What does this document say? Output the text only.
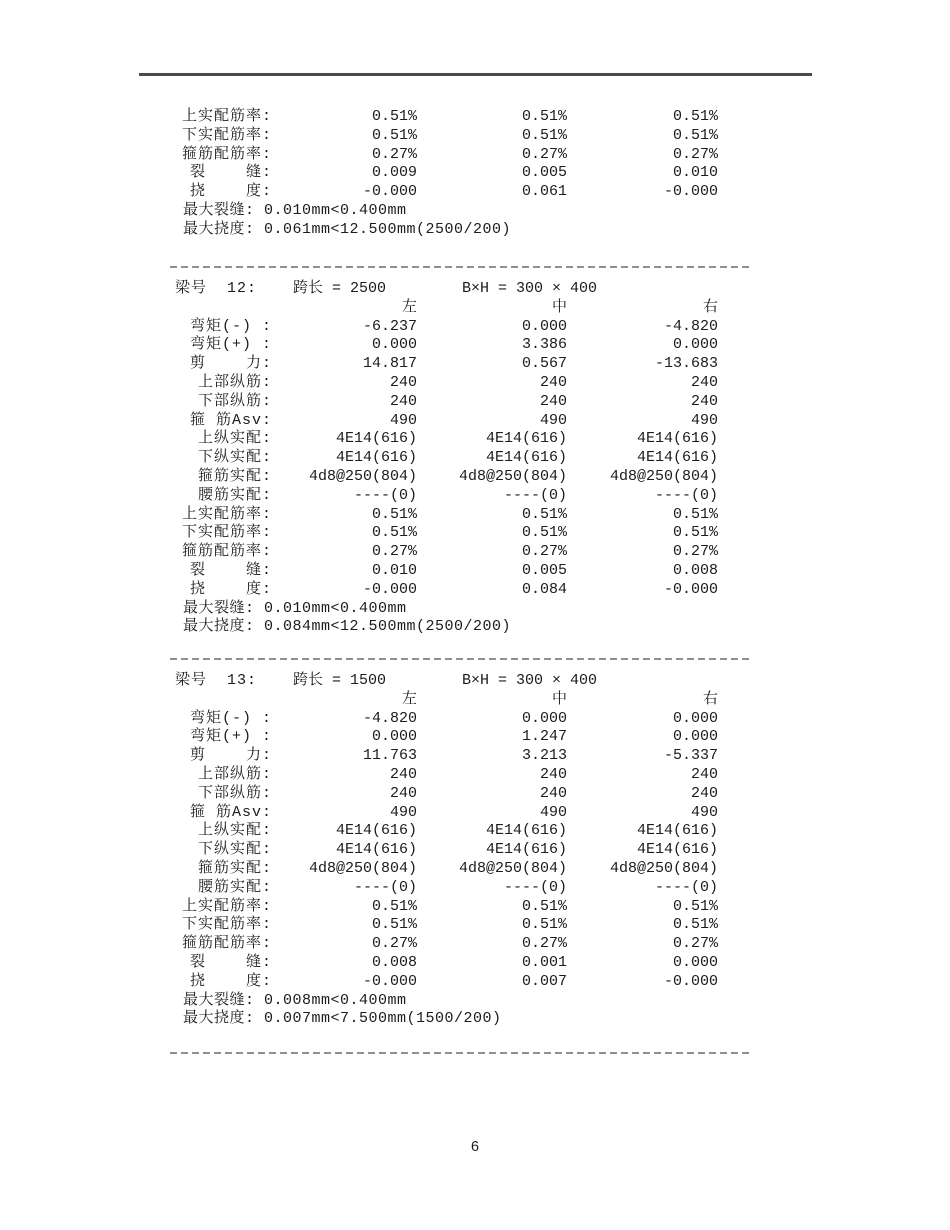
上实配筋率:	0.51%	0.51%	0.51%
下实配筋率:	0.51%	0.51%	0.51%
箍筋配筋率:	0.27%	0.27%	0.27%
裂    缝:	0.009	0.005	0.010
挠    度:	-0.000	0.061	-0.000
最大裂缝: 0.010mm<0.400mm
最大挠度: 0.061mm<12.500mm(2500/200)
梁号  12: 跨长 = 2500	B×H = 300 × 400
左	中	右
弯矩(-) :	-6.237	0.000	-4.820
弯矩(+) :	0.000	3.386	0.000
剪    力:	14.817	0.567	-13.683
上部纵筋:	240	240	240
下部纵筋:	240	240	240
箍 筋Asv:	490	490	490
上纵实配:	4E14(616)	4E14(616)	4E14(616)
下纵实配:	4E14(616)	4E14(616)	4E14(616)
箍筋实配:	4d8@250(804)	4d8@250(804)	4d8@250(804)
腰筋实配:	----(0)	----(0)	----(0)
上实配筋率:	0.51%	0.51%	0.51%
下实配筋率:	0.51%	0.51%	0.51%
箍筋配筋率:	0.27%	0.27%	0.27%
裂    缝:	0.010	0.005	0.008
挠    度:	-0.000	0.084	-0.000
最大裂缝: 0.010mm<0.400mm
最大挠度: 0.084mm<12.500mm(2500/200)
梁号  13: 跨长 = 1500	B×H = 300 × 400
左	中	右
弯矩(-) :	-4.820	0.000	0.000
弯矩(+) :	0.000	1.247	0.000
剪    力:	11.763	3.213	-5.337
上部纵筋:	240	240	240
下部纵筋:	240	240	240
箍 筋Asv:	490	490	490
上纵实配:	4E14(616)	4E14(616)	4E14(616)
下纵实配:	4E14(616)	4E14(616)	4E14(616)
箍筋实配:	4d8@250(804)	4d8@250(804)	4d8@250(804)
腰筋实配:	----(0)	----(0)	----(0)
上实配筋率:	0.51%	0.51%	0.51%
下实配筋率:	0.51%	0.51%	0.51%
箍筋配筋率:	0.27%	0.27%	0.27%
裂    缝:	0.008	0.001	0.000
挠    度:	-0.000	0.007	-0.000
最大裂缝: 0.008mm<0.400mm
最大挠度: 0.007mm<7.500mm(1500/200)
6
